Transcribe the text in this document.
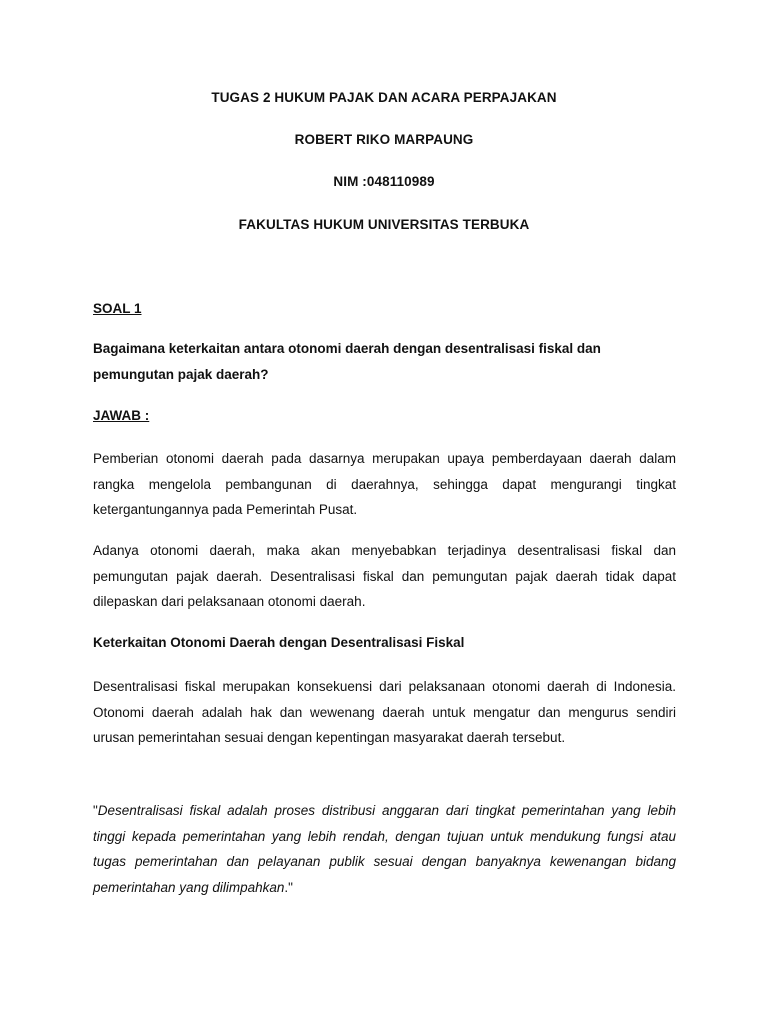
TUGAS 2 HUKUM PAJAK DAN ACARA PERPAJAKAN
ROBERT RIKO MARPAUNG
NIM :048110989
FAKULTAS HUKUM UNIVERSITAS TERBUKA
SOAL 1
Bagaimana keterkaitan antara otonomi daerah dengan desentralisasi fiskal dan pemungutan pajak daerah?
JAWAB :
Pemberian otonomi daerah pada dasarnya merupakan upaya pemberdayaan daerah dalam rangka mengelola pembangunan di daerahnya, sehingga dapat mengurangi tingkat ketergantungannya pada Pemerintah Pusat.
Adanya otonomi daerah, maka akan menyebabkan terjadinya desentralisasi fiskal dan pemungutan pajak daerah. Desentralisasi fiskal dan pemungutan pajak daerah tidak dapat dilepaskan dari pelaksanaan otonomi daerah.
Keterkaitan Otonomi Daerah dengan Desentralisasi Fiskal
Desentralisasi fiskal merupakan konsekuensi dari pelaksanaan otonomi daerah di Indonesia. Otonomi daerah adalah hak dan wewenang daerah untuk mengatur dan mengurus sendiri urusan pemerintahan sesuai dengan kepentingan masyarakat daerah tersebut.
"Desentralisasi fiskal adalah proses distribusi anggaran dari tingkat pemerintahan yang lebih tinggi kepada pemerintahan yang lebih rendah, dengan tujuan untuk mendukung fungsi atau tugas pemerintahan dan pelayanan publik sesuai dengan banyaknya kewenangan bidang pemerintahan yang dilimpahkan."
